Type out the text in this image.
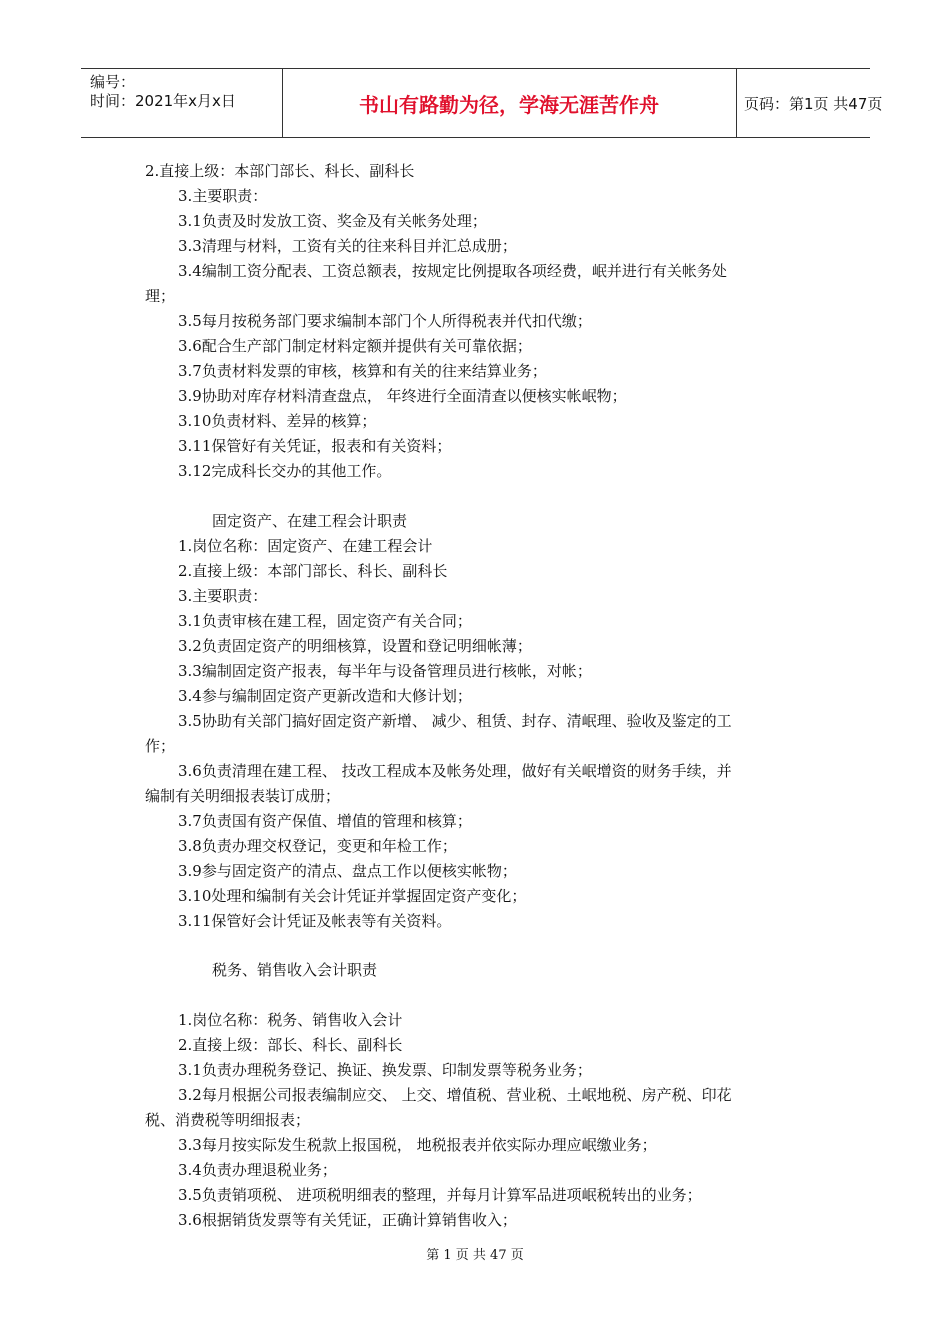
编号：
时间：2021年x月x日	书山有路勤为径，学海无涯苦作舟	页码：第1页 共47页
2.直接上级：本部门部长、科长、副科长
3.主要职责：
3.1负责及时发放工资、奖金及有关帐务处理；
3.3清理与材料，工资有关的往来科目并汇总成册；
3.4编制工资分配表、工资总额表，按规定比例提取各项经费，岷并进行有关帐务处
理；
3.5每月按税务部门要求编制本部门个人所得税表并代扣代缴；
3.6配合生产部门制定材料定额并提供有关可靠依据；
3.7负责材料发票的审核，核算和有关的往来结算业务；
3.9协助对库存材料清查盘点， 年终进行全面清查以便核实帐岷物；
3.10负责材料、差异的核算；
3.11保管好有关凭证，报表和有关资料；
3.12完成科长交办的其他工作。
固定资产、在建工程会计职责
1.岗位名称：固定资产、在建工程会计
2.直接上级：本部门部长、科长、副科长
3.主要职责：
3.1负责审核在建工程，固定资产有关合同；
3.2负责固定资产的明细核算，设置和登记明细帐薄；
3.3编制固定资产报表，每半年与设备管理员进行核帐，对帐；
3.4参与编制固定资产更新改造和大修计划；
3.5协助有关部门搞好固定资产新增、 减少、租赁、封存、清岷理、验收及鉴定的工
作；
3.6负责清理在建工程、 技改工程成本及帐务处理，做好有关岷增资的财务手续，并
编制有关明细报表装订成册；
3.7负责国有资产保值、增值的管理和核算；
3.8负责办理交权登记，变更和年检工作；
3.9参与固定资产的清点、盘点工作以便核实帐物；
3.10处理和编制有关会计凭证并掌握固定资产变化；
3.11保管好会计凭证及帐表等有关资料。
税务、销售收入会计职责
1.岗位名称：税务、销售收入会计
2.直接上级：部长、科长、副科长
3.1负责办理税务登记、换证、换发票、印制发票等税务业务；
3.2每月根据公司报表编制应交、 上交、增值税、营业税、土岷地税、房产税、印花
税、消费税等明细报表；
3.3每月按实际发生税款上报国税， 地税报表并依实际办理应岷缴业务；
3.4负责办理退税业务；
3.5负责销项税、 进项税明细表的整理，并每月计算军品进项岷税转出的业务；
3.6根据销货发票等有关凭证，正确计算销售收入；
第 1 页 共 47 页
